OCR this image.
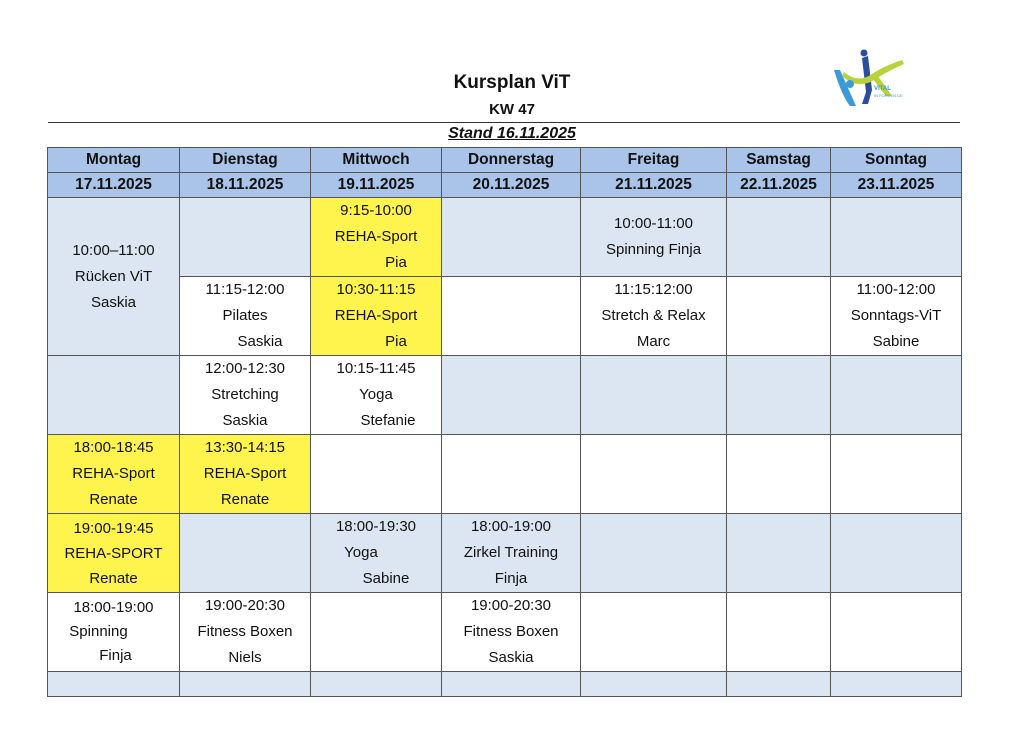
Kursplan ViT
KW 47
Stand 16.11.2025
VITAL
IN FORDEN.DE
Montag	Dienstag	Mittwoch	Donnerstag	Freitag	Samstag	Sonntag
17.11.2025	18.11.2025	19.11.2025	20.11.2025	21.11.2025	22.11.2025	23.11.2025

10:00–11:00
Rücken ViT
Saskia		9:15-10:00
REHA-Sport
Pia		10:00-11:00
Spinning Finja		

	11:15-12:00
Pilates
Saskia	10:30-11:15
REHA-Sport
Pia		11:15:12:00
Stretch & Relax
Marc		11:00-12:00
Sonntags-ViT
Sabine

	12:00-12:30
Stretching
Saskia	10:15-11:45
Yoga
Stefanie				

18:00-18:45
REHA-Sport
Renate	13:30-14:15
REHA-Sport
Renate					

19:00-19:45
REHA-SPORT
Renate		18:00-19:30
Yoga
Sabine	18:00-19:00
Zirkel Training
Finja			

18:00-19:00
Spinning
Finja	19:00-20:30
Fitness Boxen
Niels		19:00-20:30
Fitness Boxen
Saskia			
